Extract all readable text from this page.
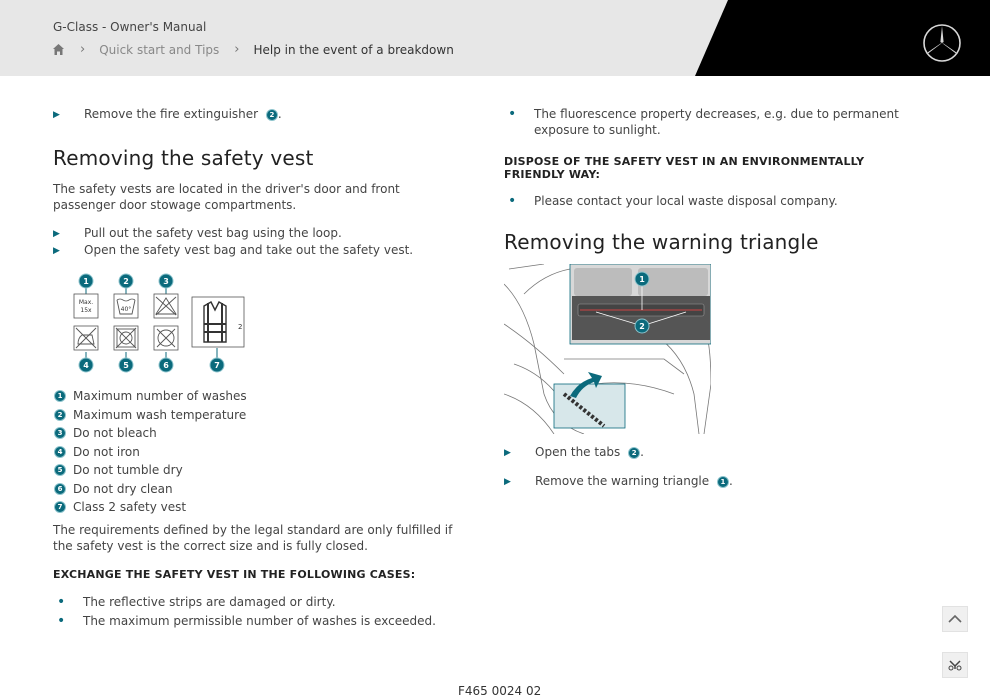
G-Class - Owner's Manual
› Quick start and Tips › Help in the event of a breakdown
▶	Remove the fire extinguisher 2 .
Removing the safety vest

The safety vests are located in the driver's door and front passenger door stowage compartments.

▶	Pull out the safety vest bag using the loop.
▶	Open the safety vest bag and take out the safety vest.
1	2	3
4	5	6	7
Max.
15x	40°
2
1 Maximum number of washes
2 Maximum wash temperature
3 Do not bleach
4 Do not iron
5 Do not tumble dry
6 Do not dry clean
7 Class 2 safety vest

The requirements defined by the legal standard are only fulfilled if the safety vest is the correct size and is fully closed.

EXCHANGE THE SAFETY VEST IN THE FOLLOWING CASES:
•	The reflective strips are damaged or dirty.
•	The maximum permissible number of washes is exceeded.
•	The fluorescence property decreases, e.g. due to permanent exposure to sunlight.
DISPOSE OF THE SAFETY VEST IN AN ENVIRONMENTALLY FRIENDLY WAY:
•	Please contact your local waste disposal company.
Removing the warning triangle
1
2
▶	Open the tabs 2 .
▶	Remove the warning triangle 1 .
F465 0024 02
